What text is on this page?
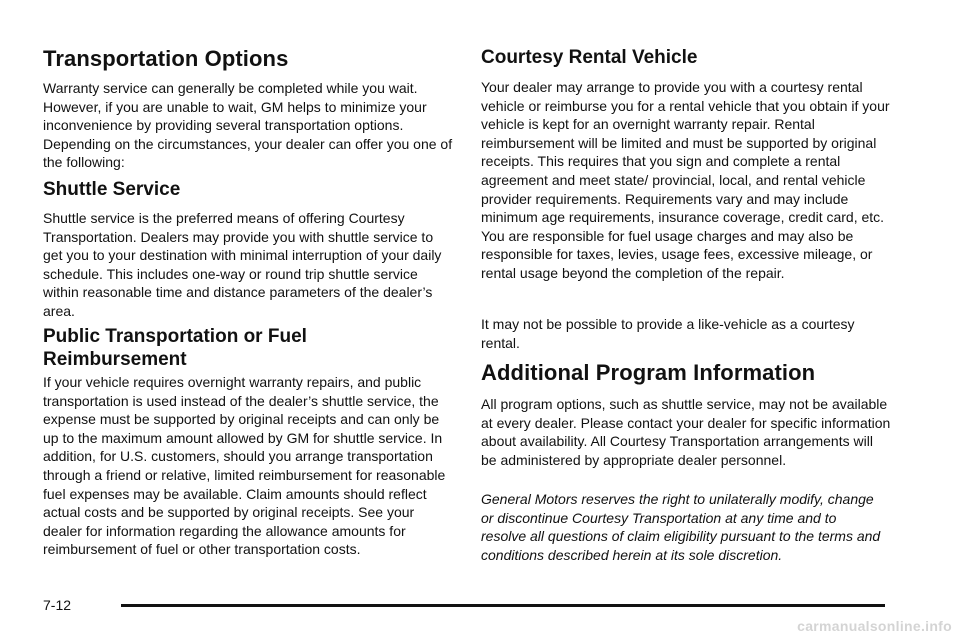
Transportation Options

Warranty service can generally be completed while you wait. However, if you are unable to wait, GM helps to minimize your inconvenience by providing several transportation options. Depending on the circumstances, your dealer can offer you one of the following:

Shuttle Service

Shuttle service is the preferred means of offering Courtesy Transportation. Dealers may provide you with shuttle service to get you to your destination with minimal interruption of your daily schedule. This includes one-way or round trip shuttle service within reasonable time and distance parameters of the dealer’s area.

Public Transportation or Fuel Reimbursement

If your vehicle requires overnight warranty repairs, and public transportation is used instead of the dealer’s shuttle service, the expense must be supported by original receipts and can only be up to the maximum amount allowed by GM for shuttle service. In addition, for U.S. customers, should you arrange transportation through a friend or relative, limited reimbursement for reasonable fuel expenses may be available. Claim amounts should reflect actual costs and be supported by original receipts. See your dealer for information regarding the allowance amounts for reimbursement of fuel or other transportation costs.

Courtesy Rental Vehicle

Your dealer may arrange to provide you with a courtesy rental vehicle or reimburse you for a rental vehicle that you obtain if your vehicle is kept for an overnight warranty repair. Rental reimbursement will be limited and must be supported by original receipts. This requires that you sign and complete a rental agreement and meet state/ provincial, local, and rental vehicle provider requirements. Requirements vary and may include minimum age requirements, insurance coverage, credit card, etc. You are responsible for fuel usage charges and may also be responsible for taxes, levies, usage fees, excessive mileage, or rental usage beyond the completion of the repair.

It may not be possible to provide a like-vehicle as a courtesy rental.

Additional Program Information

All program options, such as shuttle service, may not be available at every dealer. Please contact your dealer for specific information about availability. All Courtesy Transportation arrangements will be administered by appropriate dealer personnel.

General Motors reserves the right to unilaterally modify, change or discontinue Courtesy Transportation at any time and to resolve all questions of claim eligibility pursuant to the terms and conditions described herein at its sole discretion.

7-12
carmanualsonline.info
